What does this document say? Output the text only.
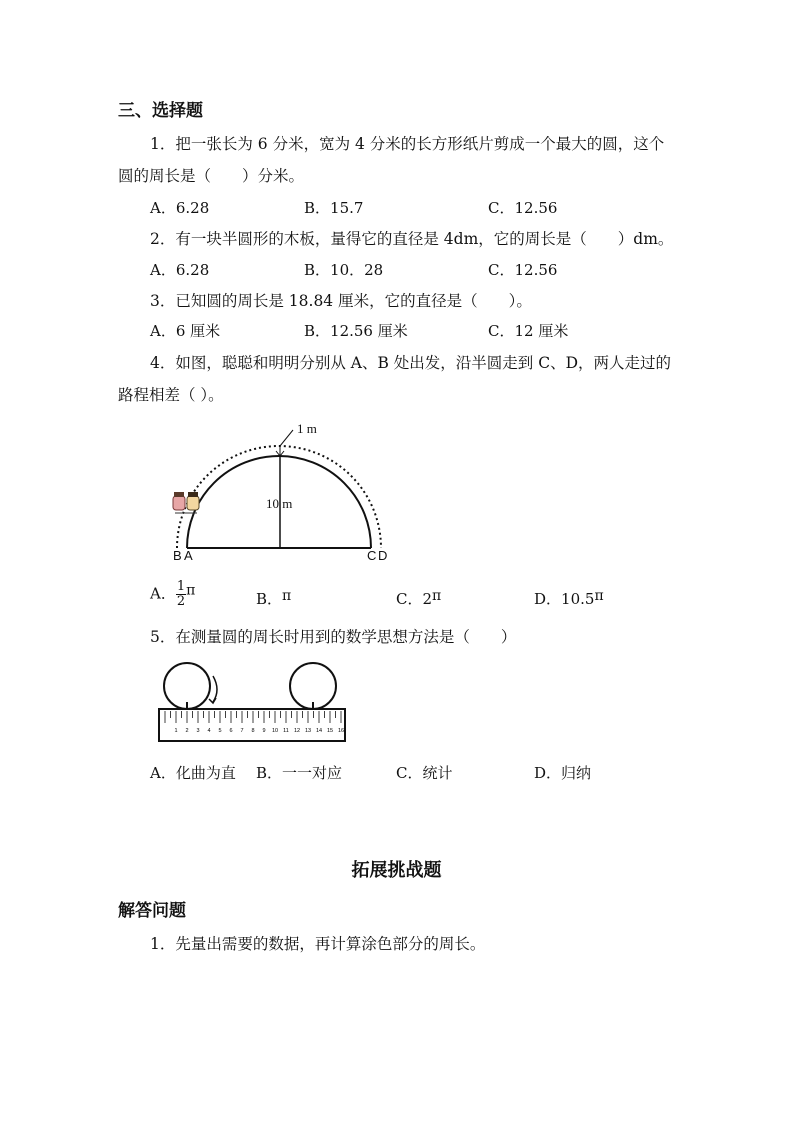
三、选择题
1．把一张长为 6 分米，宽为 4 分米的长方形纸片剪成一个最大的圆，这个
圆的周长是（　　）分米。
A．6.28	B．15.7	C．12.56
2．有一块半圆形的木板，量得它的直径是 4dm，它的周长是（　　）dm。
A．6.28	B．10．28	C．12.56
3．已知圆的周长是 18.84 厘米，它的直径是（　　）。
A．6 厘米	B．12.56 厘米	C．12 厘米
4．如图，聪聪和明明分别从 A、B 处出发，沿半圆走到 C、D，两人走过的
路程相差（ ）。
1 m
10 m
B A	C D
A． $\frac{1}{2}$ π	B．π	C．2π	D．10.5π
5．在测量圆的周长时用到的数学思想方法是（　　）
1 2 3 4 5 6 7 8 9 10 11 12 13 14 15 16
A．化曲为直 B．一一对应	C．统计	D．归纳
拓展挑战题
解答问题
1．先量出需要的数据，再计算涂色部分的周长。
